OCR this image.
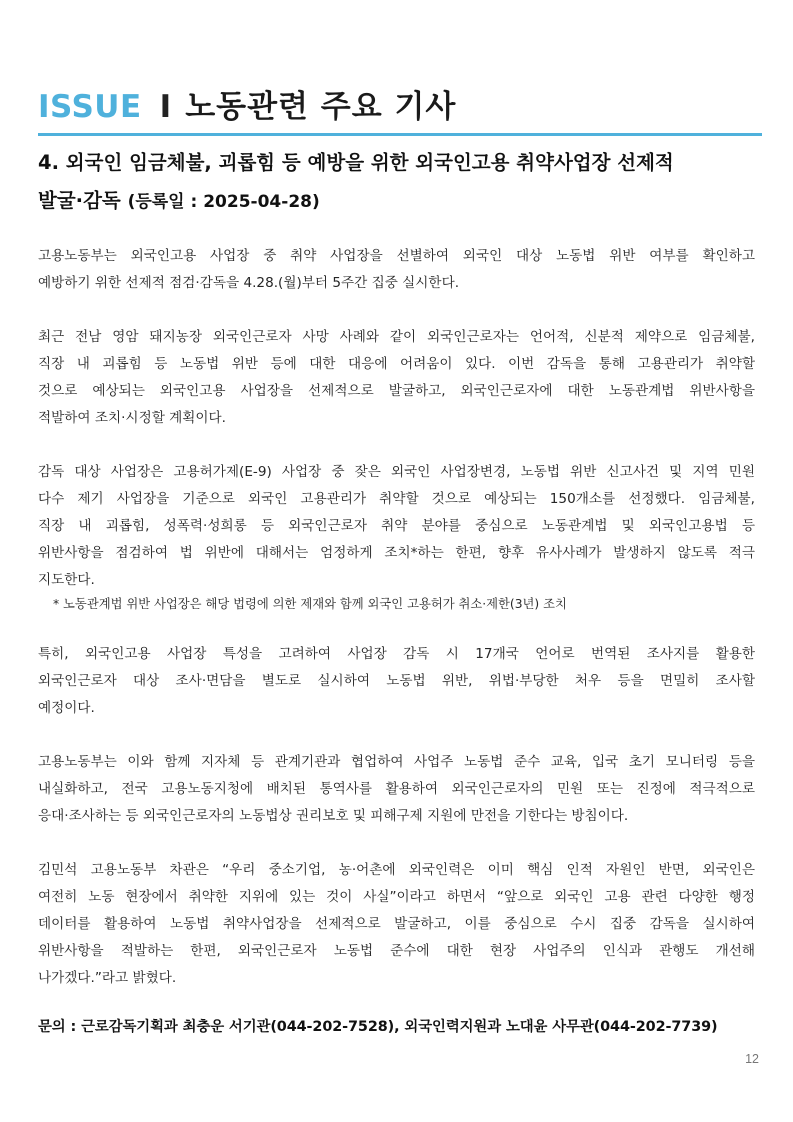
ISSUE I 노동관련 주요 기사
4. 외국인 임금체불, 괴롭힘 등 예방을 위한 외국인고용 취약사업장 선제적
발굴·감독 (등록일 : 2025-04-28)
고용노동부는 외국인고용 사업장 중 취약 사업장을 선별하여 외국인 대상 노동법 위반 여부를 확인하고
예방하기 위한 선제적 점검·감독을 4.28.(월)부터 5주간 집중 실시한다.
최근 전남 영암 돼지농장 외국인근로자 사망 사례와 같이 외국인근로자는 언어적, 신분적 제약으로 임금체불,
직장 내 괴롭힘 등 노동법 위반 등에 대한 대응에 어려움이 있다. 이번 감독을 통해 고용관리가 취약할
것으로 예상되는 외국인고용 사업장을 선제적으로 발굴하고, 외국인근로자에 대한 노동관계법 위반사항을
적발하여 조치·시정할 계획이다.
감독 대상 사업장은 고용허가제(E-9) 사업장 중 잦은 외국인 사업장변경, 노동법 위반 신고사건 및 지역 민원
다수 제기 사업장을 기준으로 외국인 고용관리가 취약할 것으로 예상되는 150개소를 선정했다. 임금체불,
직장 내 괴롭힘, 성폭력·성희롱 등 외국인근로자 취약 분야를 중심으로 노동관계법 및 외국인고용법 등
위반사항을 점검하여 법 위반에 대해서는 엄정하게 조치*하는 한편, 향후 유사사례가 발생하지 않도록 적극
지도한다.
* 노동관계법 위반 사업장은 해당 법령에 의한 제재와 함께 외국인 고용허가 취소·제한(3년) 조치
특히, 외국인고용 사업장 특성을 고려하여 사업장 감독 시 17개국 언어로 번역된 조사지를 활용한
외국인근로자 대상 조사·면담을 별도로 실시하여 노동법 위반, 위법·부당한 처우 등을 면밀히 조사할
예정이다.
고용노동부는 이와 함께 지자체 등 관계기관과 협업하여 사업주 노동법 준수 교육, 입국 초기 모니터링 등을
내실화하고, 전국 고용노동지청에 배치된 통역사를 활용하여 외국인근로자의 민원 또는 진정에 적극적으로
응대·조사하는 등 외국인근로자의 노동법상 권리보호 및 피해구제 지원에 만전을 기한다는 방침이다.
김민석 고용노동부 차관은 “우리 중소기업, 농·어촌에 외국인력은 이미 핵심 인적 자원인 반면, 외국인은
여전히 노동 현장에서 취약한 지위에 있는 것이 사실”이라고 하면서 “앞으로 외국인 고용 관련 다양한 행정
데이터를 활용하여 노동법 취약사업장을 선제적으로 발굴하고, 이를 중심으로 수시 집중 감독을 실시하여
위반사항을 적발하는 한편, 외국인근로자 노동법 준수에 대한 현장 사업주의 인식과 관행도 개선해
나가겠다.”라고 밝혔다.
문의 : 근로감독기획과 최충운 서기관(044-202-7528), 외국인력지원과 노대윤 사무관(044-202-7739)
12
